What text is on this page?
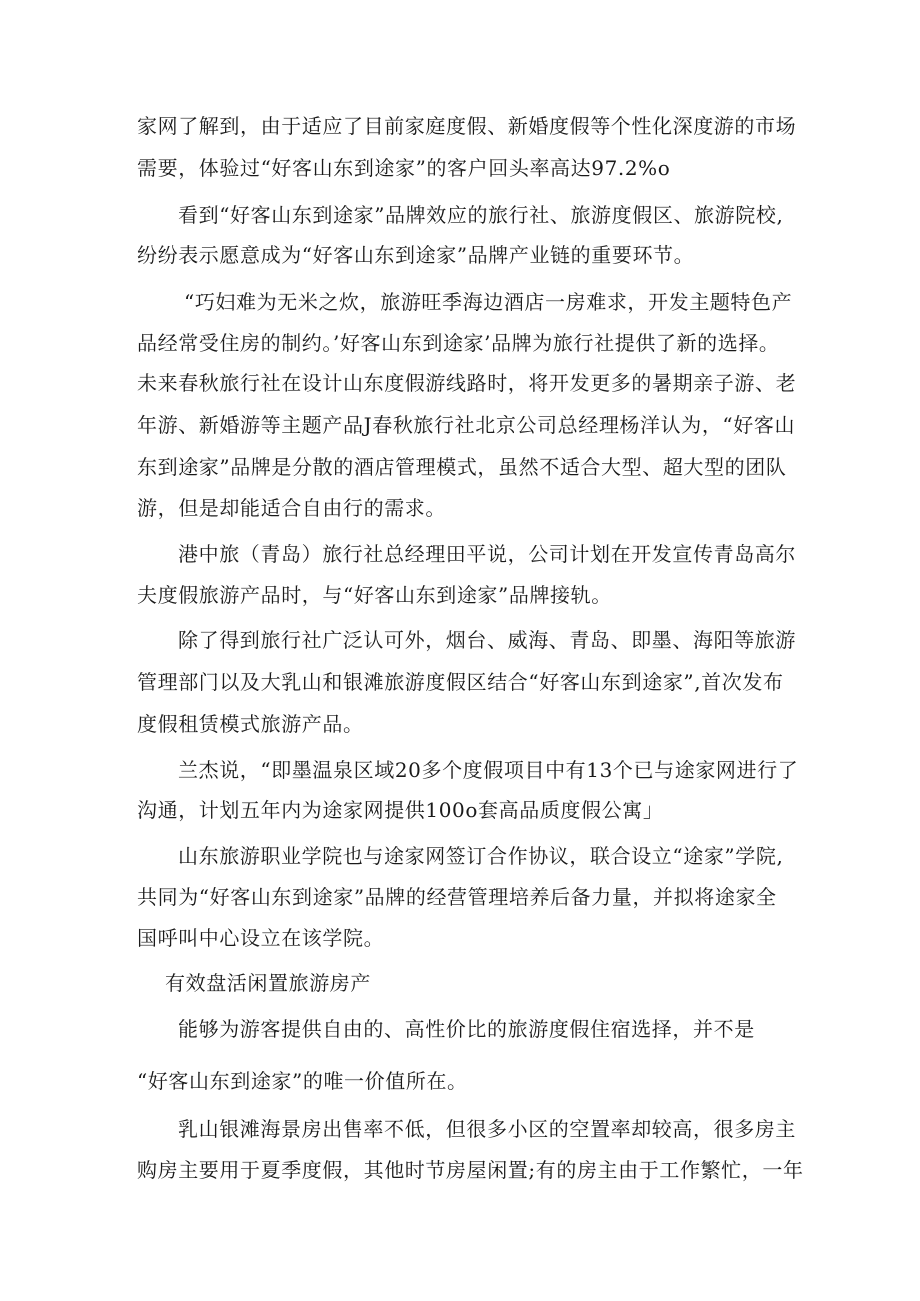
家网了解到，由于适应了目前家庭度假、新婚度假等个性化深度游的市场
需要，体验过“好客山东到途家”的客户回头率高达97.2%o
看到“好客山东到途家”品牌效应的旅行社、旅游度假区、旅游院校,
纷纷表示愿意成为“好客山东到途家”品牌产业链的重要环节。
“巧妇难为无米之炊，旅游旺季海边酒店一房难求，开发主题特色产
品经常受住房的制约。’好客山东到途家’品牌为旅行社提供了新的选择。
未来春秋旅行社在设计山东度假游线路时，将开发更多的暑期亲子游、老
年游、新婚游等主题产品J春秋旅行社北京公司总经理杨洋认为，“好客山
东到途家”品牌是分散的酒店管理模式，虽然不适合大型、超大型的团队
游，但是却能适合自由行的需求。
港中旅（青岛）旅行社总经理田平说，公司计划在开发宣传青岛高尔
夫度假旅游产品时，与“好客山东到途家”品牌接轨。
除了得到旅行社广泛认可外，烟台、威海、青岛、即墨、海阳等旅游
管理部门以及大乳山和银滩旅游度假区结合“好客山东到途家”,首次发布
度假租赁模式旅游产品。
兰杰说，“即墨温泉区域20多个度假项目中有13个已与途家网进行了
沟通，计划五年内为途家网提供100o套高品质度假公寓」
山东旅游职业学院也与途家网签订合作协议，联合设立“途家”学院,
共同为“好客山东到途家”品牌的经营管理培养后备力量，并拟将途家全
国呼叫中心设立在该学院。
有效盘活闲置旅游房产
能够为游客提供自由的、高性价比的旅游度假住宿选择，并不是
“好客山东到途家”的唯一价值所在。
乳山银滩海景房出售率不低，但很多小区的空置率却较高，很多房主
购房主要用于夏季度假，其他时节房屋闲置;有的房主由于工作繁忙，一年
